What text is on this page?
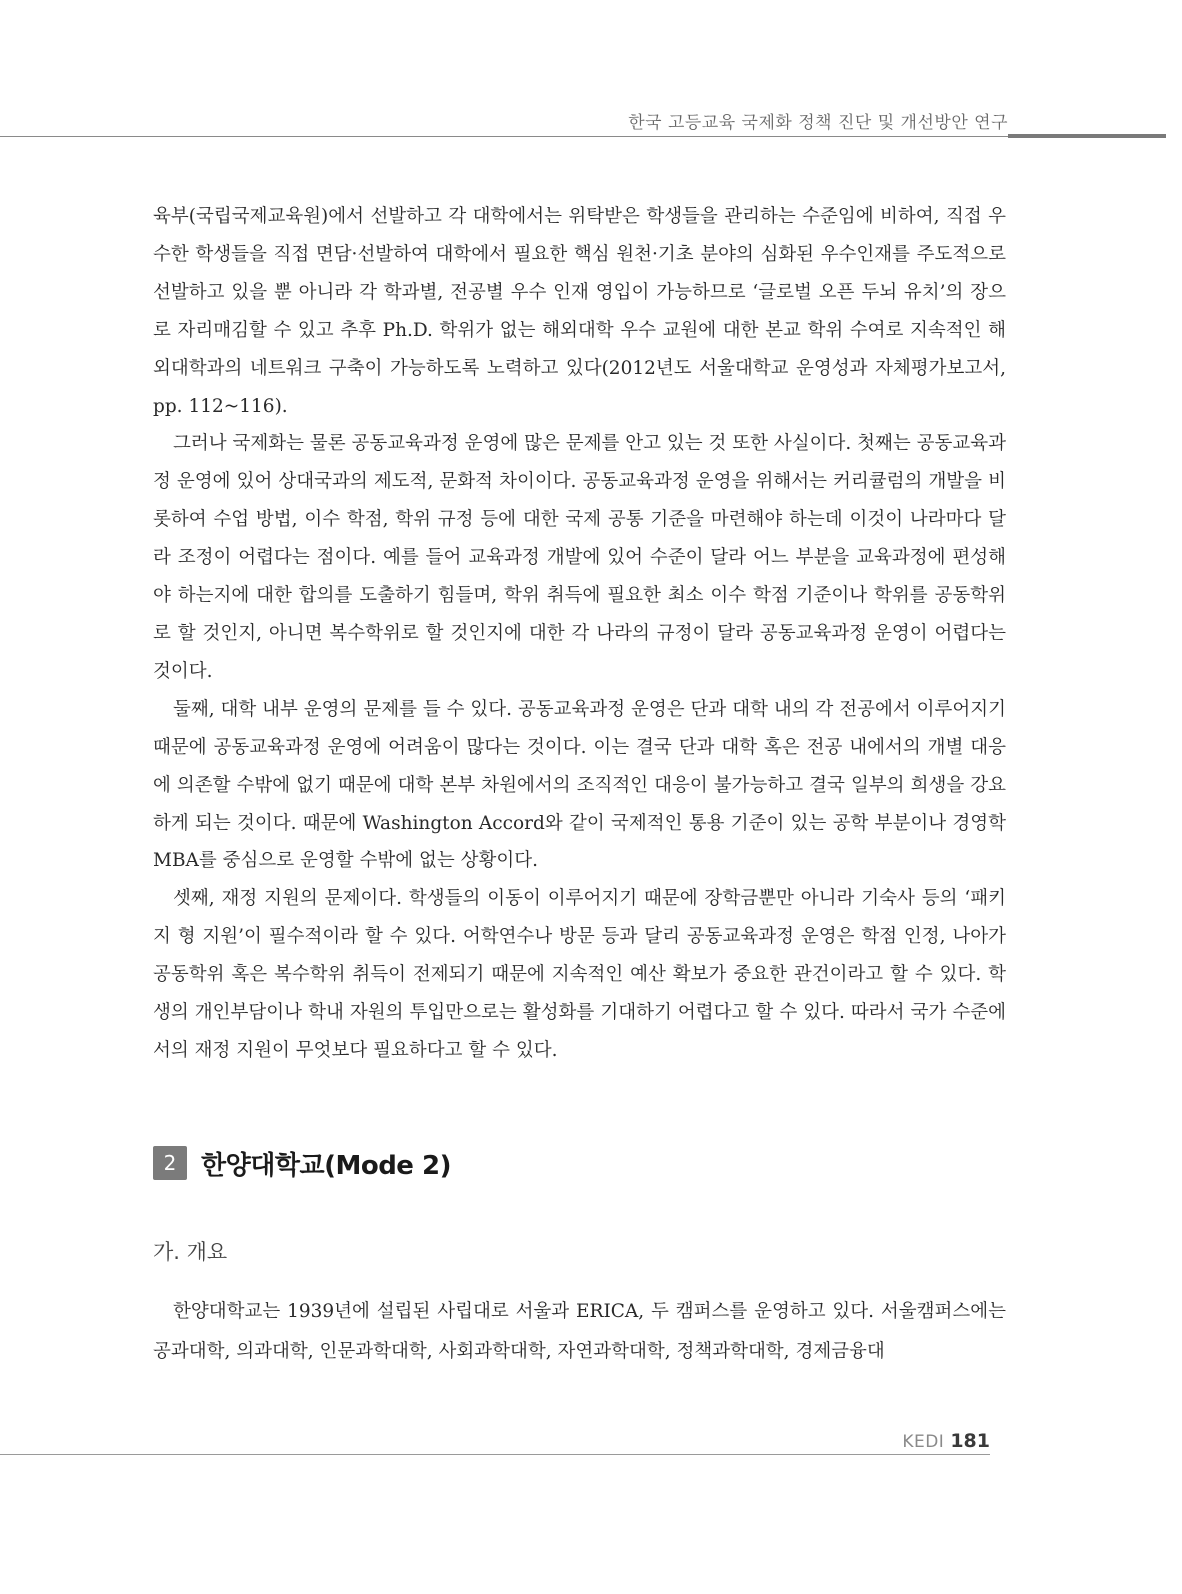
한국 고등교육 국제화 정책 진단 및 개선방안 연구

육부(국립국제교육원)에서 선발하고 각 대학에서는 위탁받은 학생들을 관리하는 수준임에 비하여, 직접 우수한 학생들을 직접 면담·선발하여 대학에서 필요한 핵심 원천·기초 분야의 심화된 우수인재를 주도적으로 선발하고 있을 뿐 아니라 각 학과별, 전공별 우수 인재 영입이 가능하므로 ‘글로벌 오픈 두뇌 유치’의 장으로 자리매김할 수 있고 추후 Ph.D. 학위가 없는 해외대학 우수 교원에 대한 본교 학위 수여로 지속적인 해외대학과의 네트워크 구축이 가능하도록 노력하고 있다(2012년도 서울대학교 운영성과 자체평가보고서, pp. 112~116).

그러나 국제화는 물론 공동교육과정 운영에 많은 문제를 안고 있는 것 또한 사실이다. 첫째는 공동교육과정 운영에 있어 상대국과의 제도적, 문화적 차이이다. 공동교육과정 운영을 위해서는 커리큘럼의 개발을 비롯하여 수업 방법, 이수 학점, 학위 규정 등에 대한 국제 공통 기준을 마련해야 하는데 이것이 나라마다 달라 조정이 어렵다는 점이다. 예를 들어 교육과정 개발에 있어 수준이 달라 어느 부분을 교육과정에 편성해야 하는지에 대한 합의를 도출하기 힘들며, 학위 취득에 필요한 최소 이수 학점 기준이나 학위를 공동학위로 할 것인지, 아니면 복수학위로 할 것인지에 대한 각 나라의 규정이 달라 공동교육과정 운영이 어렵다는 것이다.

둘째, 대학 내부 운영의 문제를 들 수 있다. 공동교육과정 운영은 단과 대학 내의 각 전공에서 이루어지기 때문에 공동교육과정 운영에 어려움이 많다는 것이다. 이는 결국 단과 대학 혹은 전공 내에서의 개별 대응에 의존할 수밖에 없기 때문에 대학 본부 차원에서의 조직적인 대응이 불가능하고 결국 일부의 희생을 강요하게 되는 것이다. 때문에 Washington Accord와 같이 국제적인 통용 기준이 있는 공학 부분이나 경영학 MBA를 중심으로 운영할 수밖에 없는 상황이다.

셋째, 재정 지원의 문제이다. 학생들의 이동이 이루어지기 때문에 장학금뿐만 아니라 기숙사 등의 ‘패키지 형 지원’이 필수적이라 할 수 있다. 어학연수나 방문 등과 달리 공동교육과정 운영은 학점 인정, 나아가 공동학위 혹은 복수학위 취득이 전제되기 때문에 지속적인 예산 확보가 중요한 관건이라고 할 수 있다. 학생의 개인부담이나 학내 자원의 투입만으로는 활성화를 기대하기 어렵다고 할 수 있다. 따라서 국가 수준에서의 재정 지원이 무엇보다 필요하다고 할 수 있다.

2 한양대학교(Mode 2)
가. 개요

한양대학교는 1939년에 설립된 사립대로 서울과 ERICA, 두 캠퍼스를 운영하고 있다. 서울캠퍼스에는 공과대학, 의과대학, 인문과학대학, 사회과학대학, 자연과학대학, 정책과학대학, 경제금융대

KEDI 181
